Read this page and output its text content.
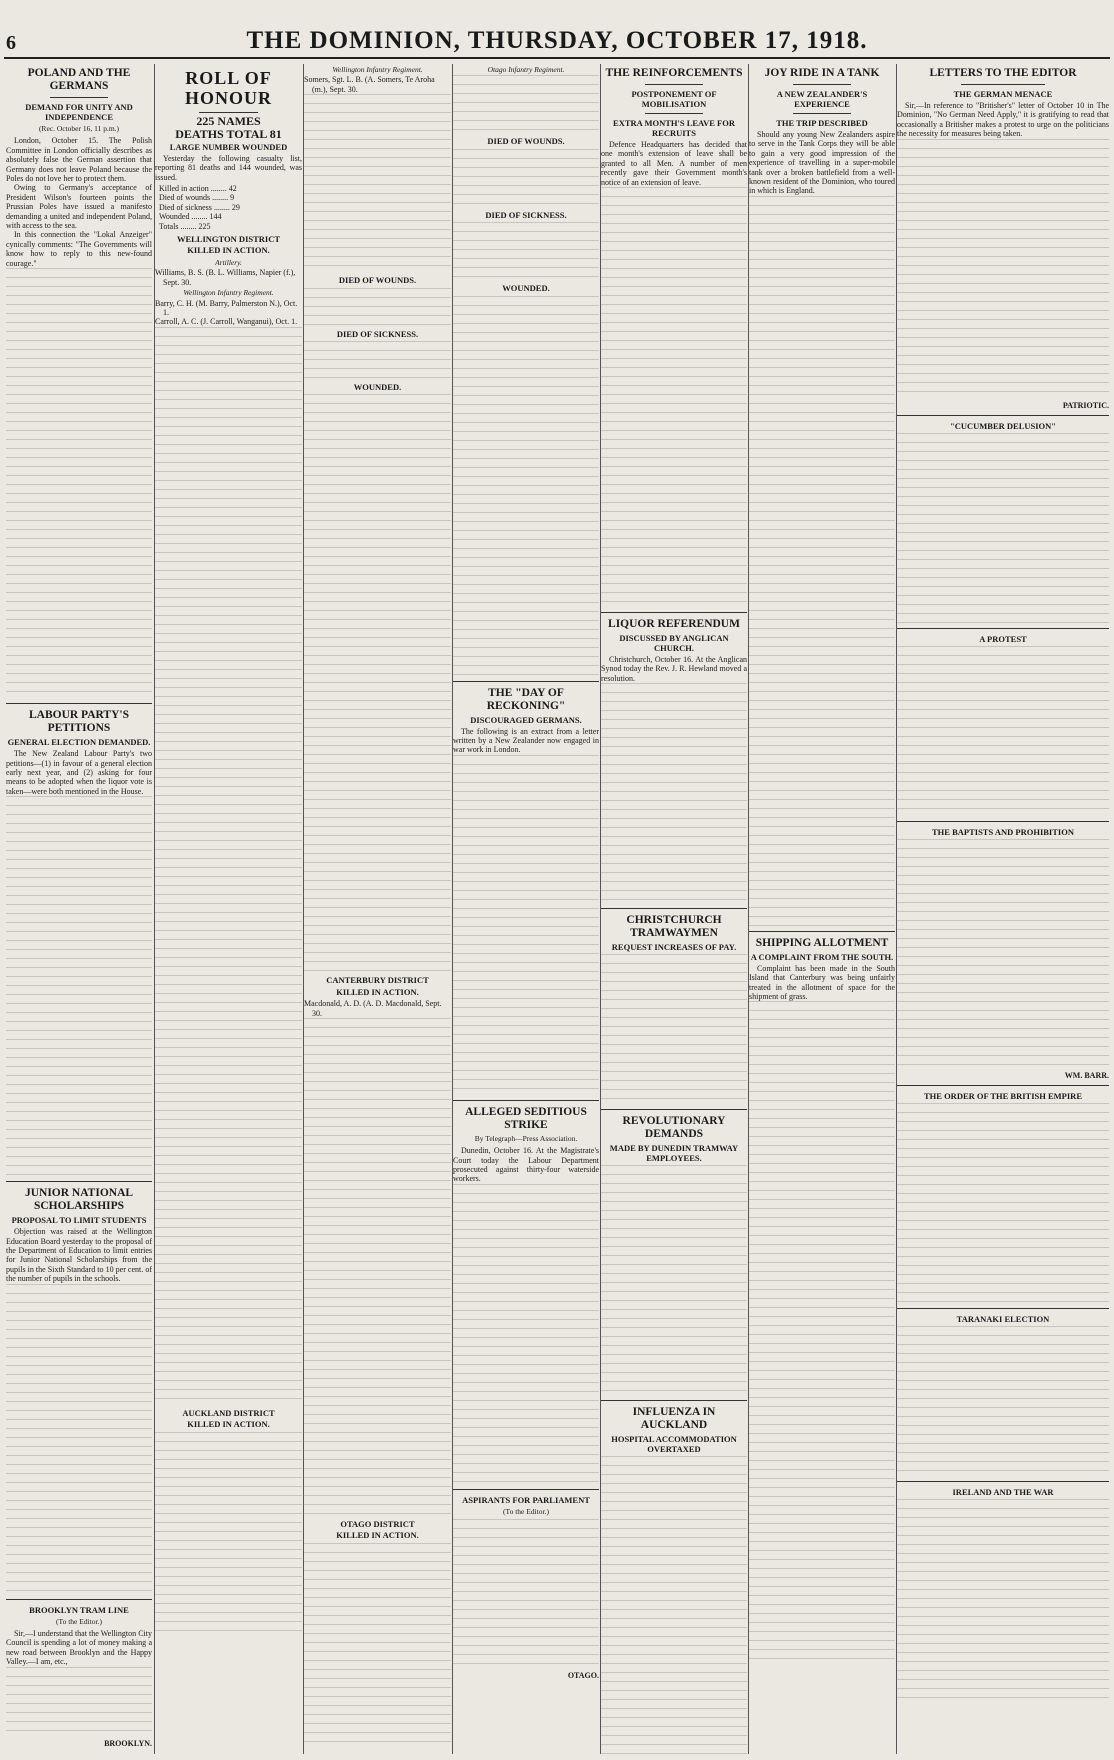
6	THE DOMINION, THURSDAY, OCTOBER 17, 1918.
POLAND AND THE GERMANS
DEMAND FOR UNITY AND INDEPENDENCE
(Rec. October 16, 11 p.m.)

London, October 15. The Polish Committee in London officially describes as absolutely false the German assertion that Germany does not leave Poland because the Poles do not love her to protect them.

Owing to Germany's acceptance of President Wilson's fourteen points the Prussian Poles have issued a manifesto demanding a united and independent Poland, with access to the sea.

In this connection the "Lokal Anzeiger" cynically comments: "The Governments will know how to reply to this new-found courage."

LABOUR PARTY'S PETITIONS
GENERAL ELECTION DEMANDED.

The New Zealand Labour Party's two petitions—(1) in favour of a general election early next year, and (2) asking for four means to be adopted when the liquor vote is taken—were both mentioned in the House.

JUNIOR NATIONAL SCHOLARSHIPS
PROPOSAL TO LIMIT STUDENTS

Objection was raised at the Wellington Education Board yesterday to the proposal of the Department of Education to limit entries for Junior National Scholarships from the pupils in the Sixth Standard to 10 per cent. of the number of pupils in the schools.

BROOKLYN TRAM LINE
(To the Editor.)

Sir,—I understand that the Wellington City Council is spending a lot of money making a new road between Brooklyn and the Happy Valley.—I am, etc.,

BROOKLYN.
ROLL OF HONOUR
225 NAMES
DEATHS TOTAL 81
LARGE NUMBER WOUNDED

Yesterday the following casualty list, reporting 81 deaths and 144 wounded, was issued.

Killed in action ........ 42
Died of wounds ........ 9
Died of sickness ........ 29
Wounded ........ 144
Totals ........ 225
WELLINGTON DISTRICT
KILLED IN ACTION.
Artillery.
Williams, B. S. (B. L. Williams, Napier (f.), Sept. 30.
Wellington Infantry Regiment.
Barry, C. H. (M. Barry, Palmerston N.), Oct. 1.
Carroll, A. C. (J. Carroll, Wanganui), Oct. 1.
AUCKLAND DISTRICT
KILLED IN ACTION.
Wellington Infantry Regiment.
Somers, Sgt. L. B. (A. Somers, Te Aroha (m.), Sept. 30.
DIED OF WOUNDS.
DIED OF SICKNESS.
WOUNDED.
CANTERBURY DISTRICT
KILLED IN ACTION.
Macdonald, A. D. (A. D. Macdonald, Sept. 30.
OTAGO DISTRICT
KILLED IN ACTION.
Otago Infantry Regiment.
DIED OF WOUNDS.
DIED OF SICKNESS.
WOUNDED.
THE "DAY OF RECKONING"
DISCOURAGED GERMANS.

The following is an extract from a letter written by a New Zealander now engaged in war work in London.

ALLEGED SEDITIOUS STRIKE
By Telegraph—Press Association.

Dunedin, October 16. At the Magistrate's Court today the Labour Department prosecuted against thirty-four waterside workers.

ASPIRANTS FOR PARLIAMENT
(To the Editor.)
OTAGO.
THE REINFORCEMENTS
POSTPONEMENT OF MOBILISATION
EXTRA MONTH'S LEAVE FOR RECRUITS

Defence Headquarters has decided that one month's extension of leave shall be granted to all Men. A number of men recently gave their Government month's notice of an extension of leave.

LIQUOR REFERENDUM
DISCUSSED BY ANGLICAN CHURCH.

Christchurch, October 16. At the Anglican Synod today the Rev. J. R. Hewland moved a resolution.

CHRISTCHURCH TRAMWAYMEN
REQUEST INCREASES OF PAY.
REVOLUTIONARY DEMANDS
MADE BY DUNEDIN TRAMWAY EMPLOYEES.
INFLUENZA IN AUCKLAND
HOSPITAL ACCOMMODATION OVERTAXED
JOY RIDE IN A TANK
A NEW ZEALANDER'S EXPERIENCE
THE TRIP DESCRIBED

Should any young New Zealanders aspire to serve in the Tank Corps they will be able to gain a very good impression of the experience of travelling in a super-mobile tank over a broken battlefield from a well-known resident of the Dominion, who toured in which is England.

SHIPPING ALLOTMENT
A COMPLAINT FROM THE SOUTH.

Complaint has been made in the South Island that Canterbury was being unfairly treated in the allotment of space for the shipment of grass.

LETTERS TO THE EDITOR
THE GERMAN MENACE

Sir,—In reference to "Britisher's" letter of October 10 in The Dominion, "No German Need Apply," it is gratifying to read that occasionally a Britisher makes a protest to urge on the politicians the necessity for measures being taken.

PATRIOTIC.
"CUCUMBER DELUSION"
A PROTEST
THE BAPTISTS AND PROHIBITION
WM. BARR.
THE ORDER OF THE BRITISH EMPIRE
TARANAKI ELECTION
IRELAND AND THE WAR
